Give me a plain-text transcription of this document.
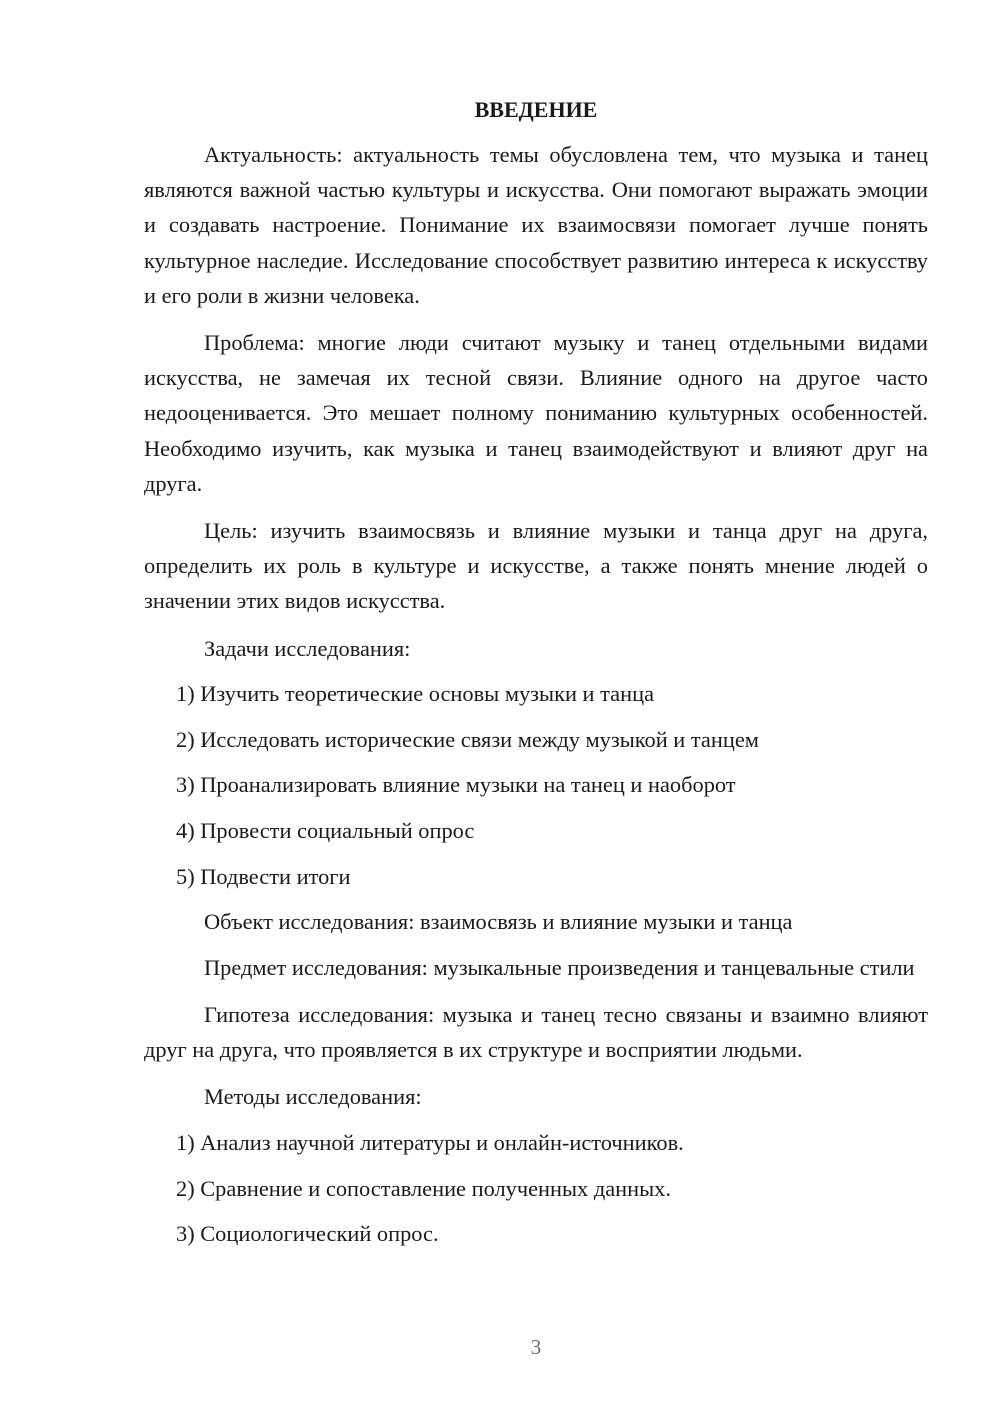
ВВЕДЕНИЕ

Актуальность: актуальность темы обусловлена тем, что музыка и танец являются важной частью культуры и искусства. Они помогают выражать эмоции и создавать настроение. Понимание их взаимосвязи помогает лучше понять культурное наследие. Исследование способствует развитию интереса к искусству и его роли в жизни человека.

Проблема: многие люди считают музыку и танец отдельными видами искусства, не замечая их тесной связи. Влияние одного на другое часто недооценивается. Это мешает полному пониманию культурных особенностей. Необходимо изучить, как музыка и танец взаимодействуют и влияют друг на друга.

Цель: изучить взаимосвязь и влияние музыки и танца друг на друга, определить их роль в культуре и искусстве, а также понять мнение людей о значении этих видов искусства.

Задачи исследования:
1) Изучить теоретические основы музыки и танца
2) Исследовать исторические связи между музыкой и танцем
3) Проанализировать влияние музыки на танец и наоборот
4) Провести социальный опрос
5) Подвести итоги
Объект исследования: взаимосвязь и влияние музыки и танца

Предмет исследования: музыкальные произведения и танцевальные стили

Гипотеза исследования: музыка и танец тесно связаны и взаимно влияют друг на друга, что проявляется в их структуре и восприятии людьми.

Методы исследования:
1) Анализ научной литературы и онлайн-источников.
2) Сравнение и сопоставление полученных данных.
3) Социологический опрос.
3
